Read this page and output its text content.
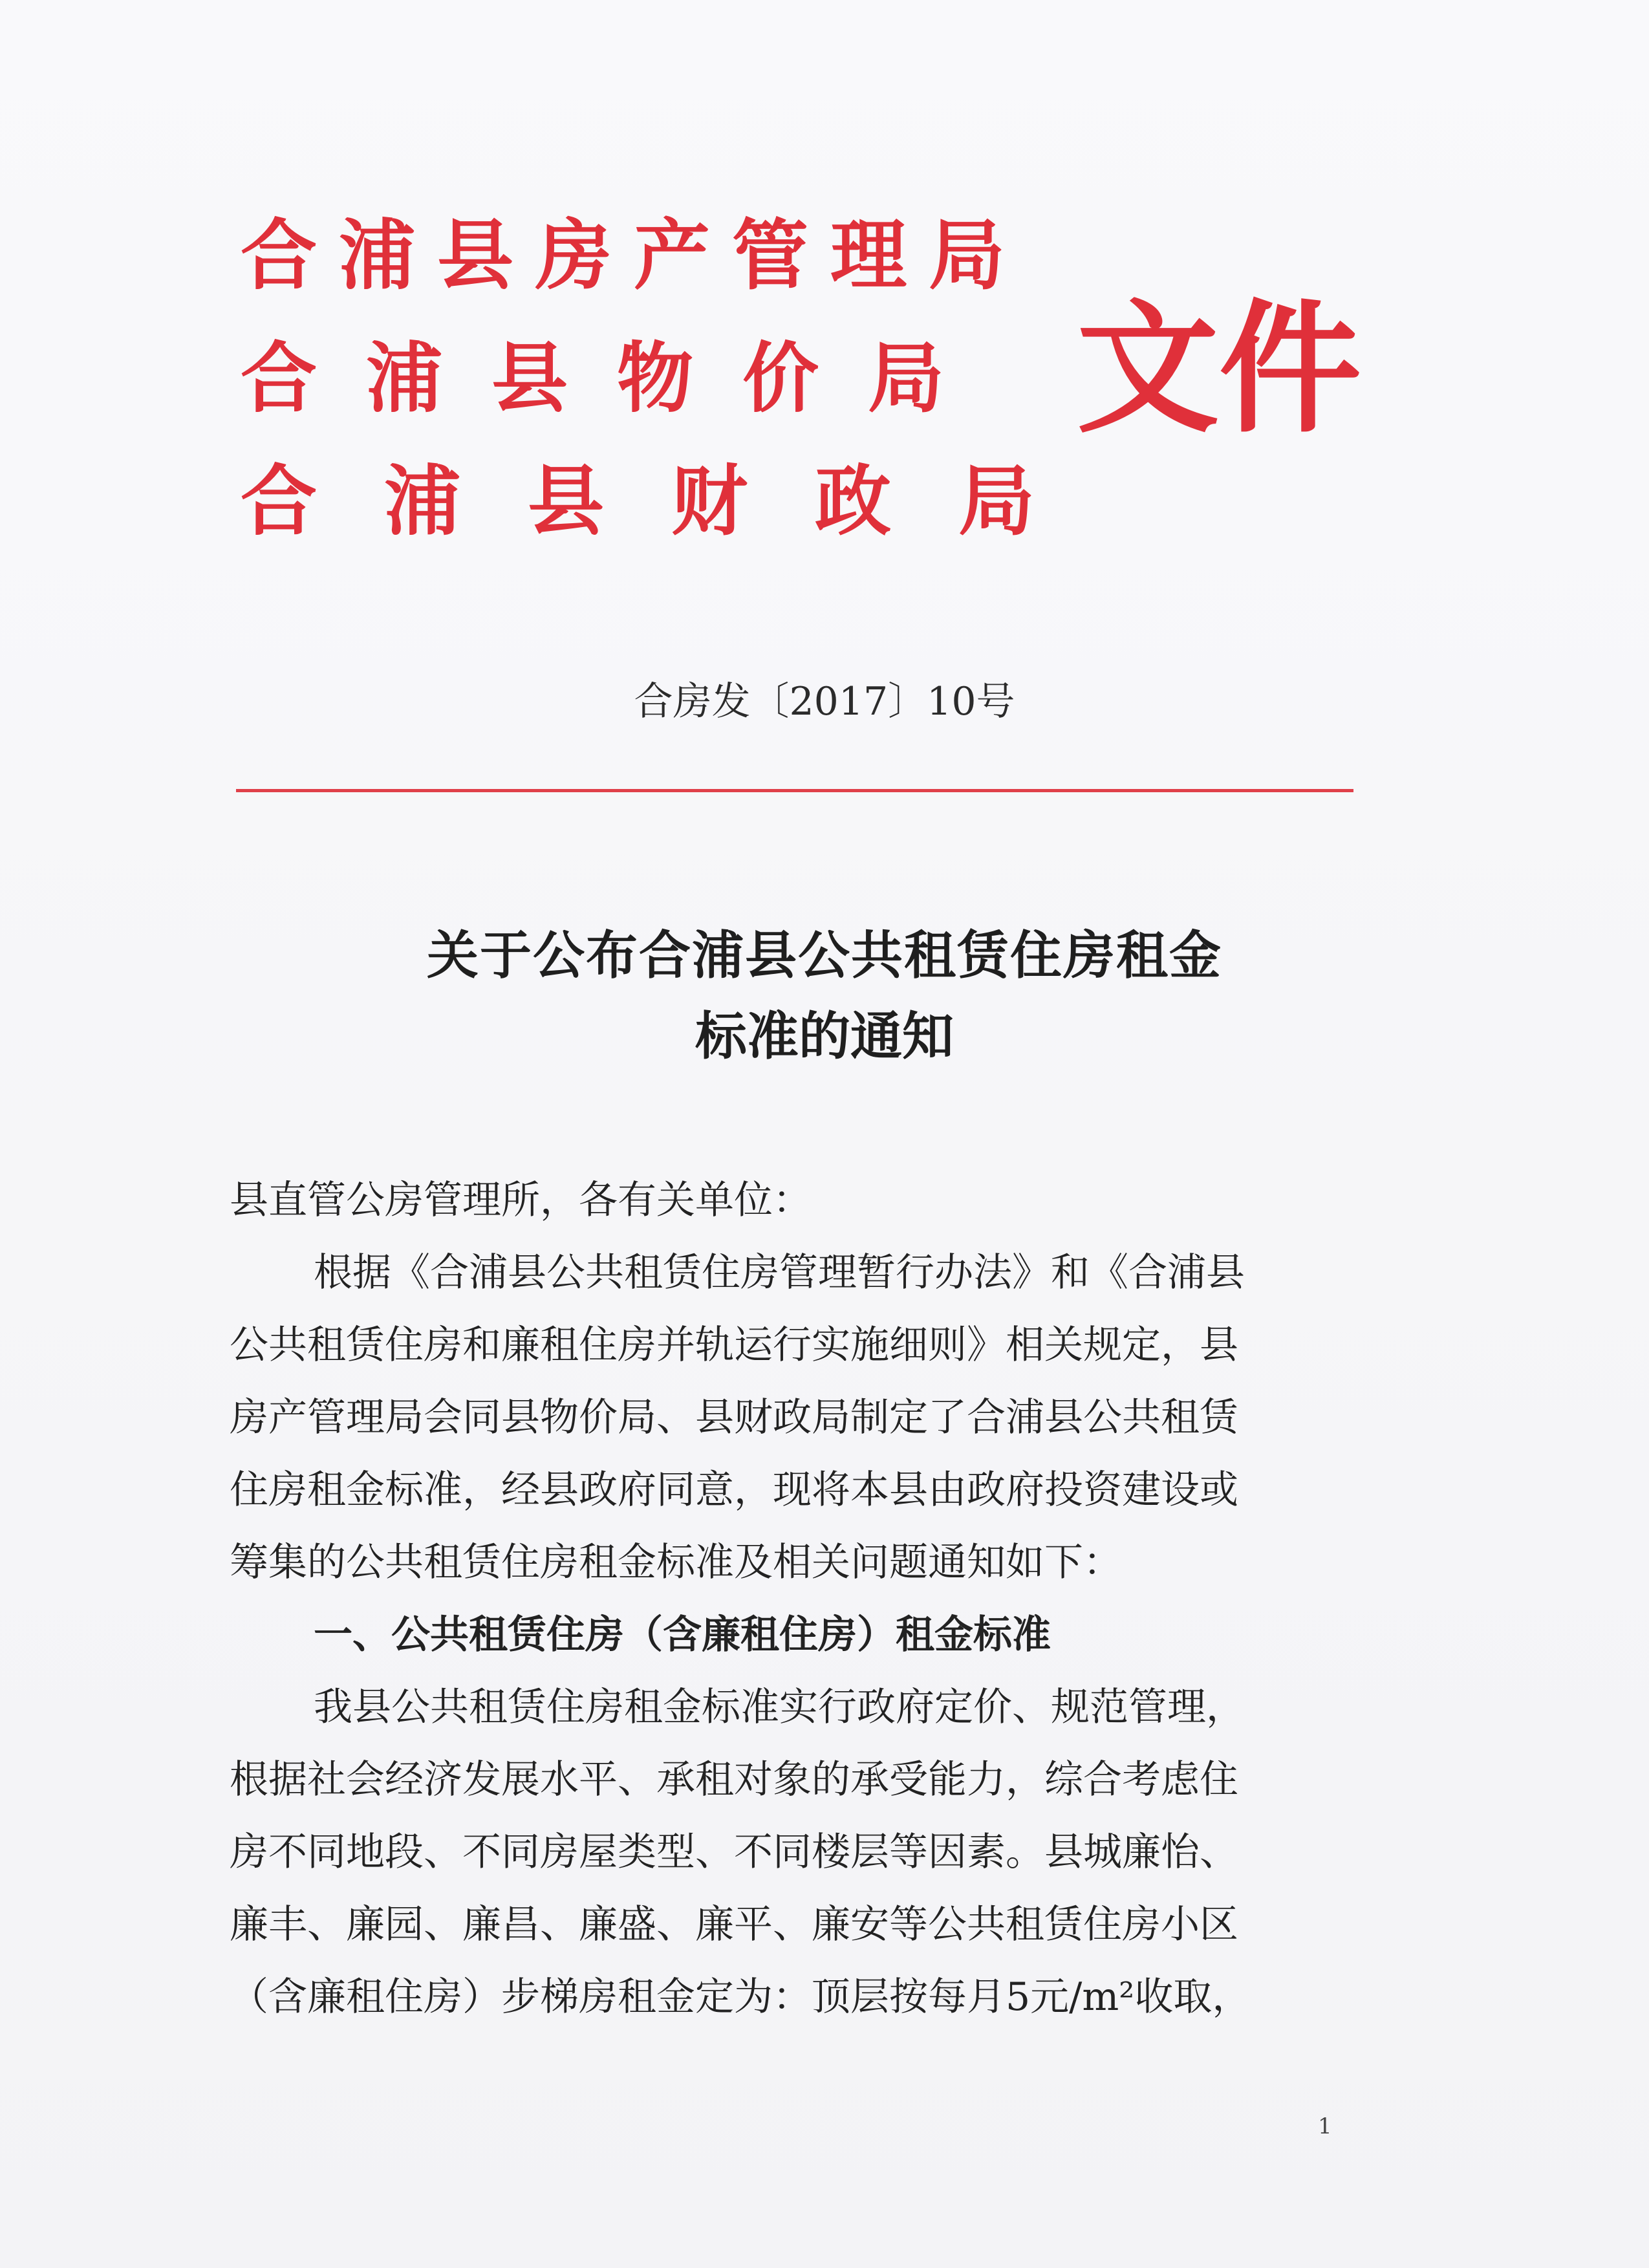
合浦县房产管理局
合浦县物价局
合浦县财政局
文件
合房发〔2017〕10号
关于公布合浦县公共租赁住房租金
标准的通知

县直管公房管理所，各有关单位：

根据《合浦县公共租赁住房管理暂行办法》和《合浦县

公共租赁住房和廉租住房并轨运行实施细则》相关规定，县

房产管理局会同县物价局、县财政局制定了合浦县公共租赁

住房租金标准，经县政府同意，现将本县由政府投资建设或

筹集的公共租赁住房租金标准及相关问题通知如下：

一、公共租赁住房（含廉租住房）租金标准

我县公共租赁住房租金标准实行政府定价、规范管理，

根据社会经济发展水平、承租对象的承受能力，综合考虑住

房不同地段、不同房屋类型、不同楼层等因素。县城廉怡、

廉丰、廉园、廉昌、廉盛、廉平、廉安等公共租赁住房小区

（含廉租住房）步梯房租金定为：顶层按每月5元/m²收取，

1
